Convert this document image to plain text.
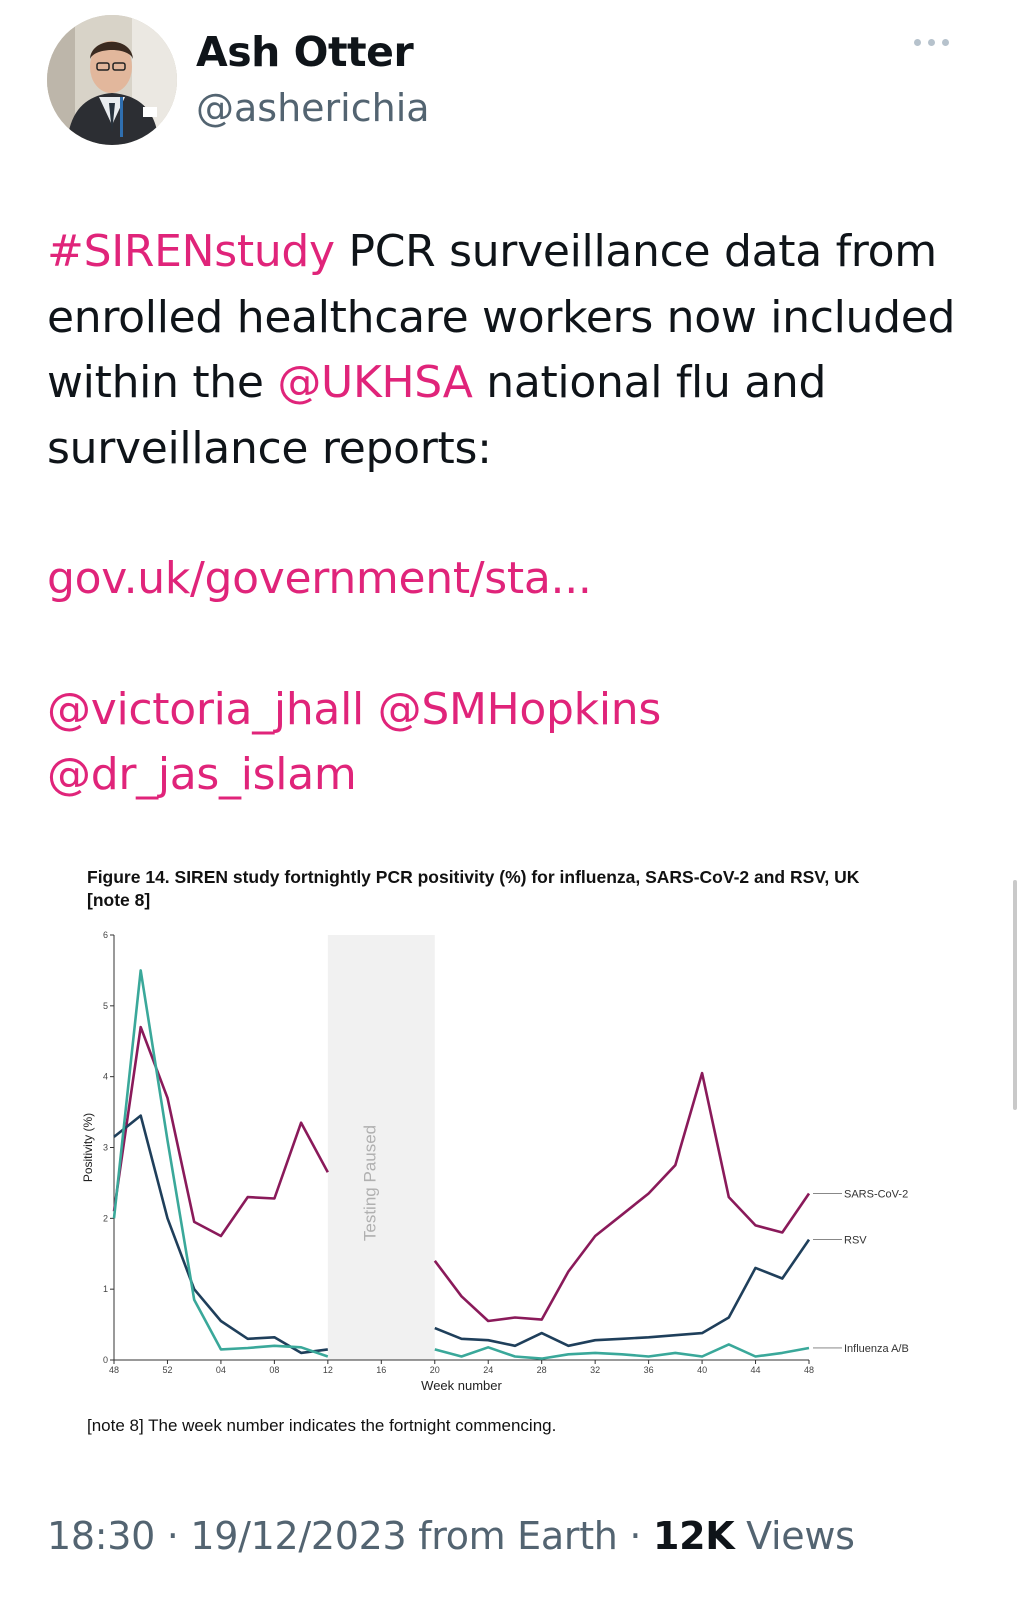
Ash Otter
@asherichia
#SIRENstudy PCR surveillance data from enrolled healthcare workers now included within the @UKHSA national flu and surveillance reports:
gov.uk/government/sta...
@victoria_jhall @SMHopkins
@dr_jas_islam
Figure 14. SIREN study fortnightly PCR positivity (%) for influenza, SARS-CoV-2 and RSV, UK [note 8]
Testing Paused
0
1
2
3
4
5
6
48	52	04	08	12	16	20	24	28	32	36	40	44	48
Week number
Positivity (%)
SARS-CoV-2
RSV
Influenza A/B
[note 8] The week number indicates the fortnight commencing.
18:30 · 19/12/2023 from Earth · 12K Views
